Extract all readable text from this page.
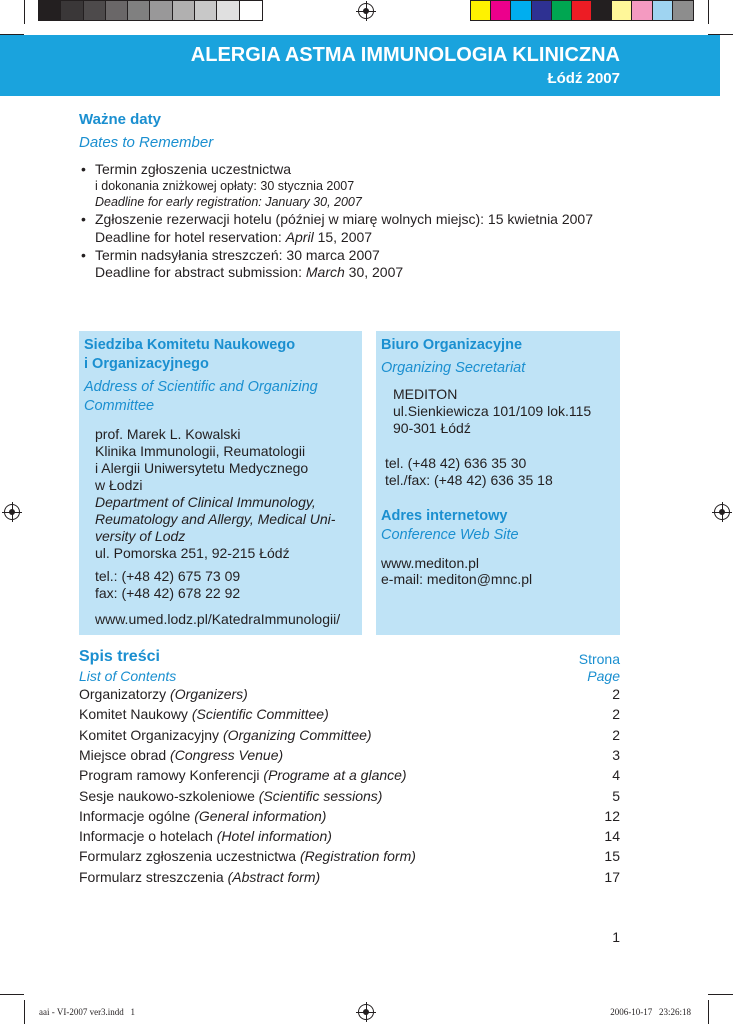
ALERGIA ASTMA IMMUNOLOGIA KLINICZNA
Łódź 2007
Ważne daty
Dates to Remember
• Termin zgłoszenia uczestnictwa
i dokonania zniżkowej opłaty: 30 stycznia 2007
Deadline for early registration: January 30, 2007
• Zgłoszenie rezerwacji hotelu (później w miarę wolnych miejsc): 15 kwietnia 2007
Deadline for hotel reservation: April 15, 2007
• Termin nadsyłania streszczeń: 30 marca 2007
Deadline for abstract submission: March 30, 2007
Siedziba Komitetu Naukowego
i Organizacyjnego
Address of Scientific and Organizing
Committee
prof. Marek L. Kowalski
Klinika Immunologii, Reumatologii
i Alergii Uniwersytetu Medycznego
w Łodzi
Department of Clinical Immunology,
Reumatology and Allergy, Medical Uni-
versity of Lodz
ul. Pomorska 251, 92-215 Łódź
tel.: (+48 42) 675 73 09
fax: (+48 42) 678 22 92
www.umed.lodz.pl/KatedraImmunologii/
Biuro Organizacyjne
Organizing Secretariat
MEDITON
ul.Sienkiewicza 101/109 lok.115
90-301 Łódź
tel. (+48 42) 636 35 30
tel./fax: (+48 42) 636 35 18
Adres internetowy
Conference Web Site
www.mediton.pl
e-mail: mediton@mnc.pl
Spis treści
List of Contents
Strona
Page
Organizatorzy (Organizers)	2
Komitet Naukowy (Scientific Committee)	2
Komitet Organizacyjny (Organizing Committee)	2
Miejsce obrad (Congress Venue)	3
Program ramowy Konferencji (Programe at a glance)	4
Sesje naukowo-szkoleniowe (Scientific sessions)	5
Informacje ogólne (General information)	12
Informacje o hotelach (Hotel information)	14
Formularz zgłoszenia uczestnictwa (Registration form)	15
Formularz streszczenia (Abstract form)	17
1
aai - VI-2007 ver3.indd   1	2006-10-17   23:26:18
